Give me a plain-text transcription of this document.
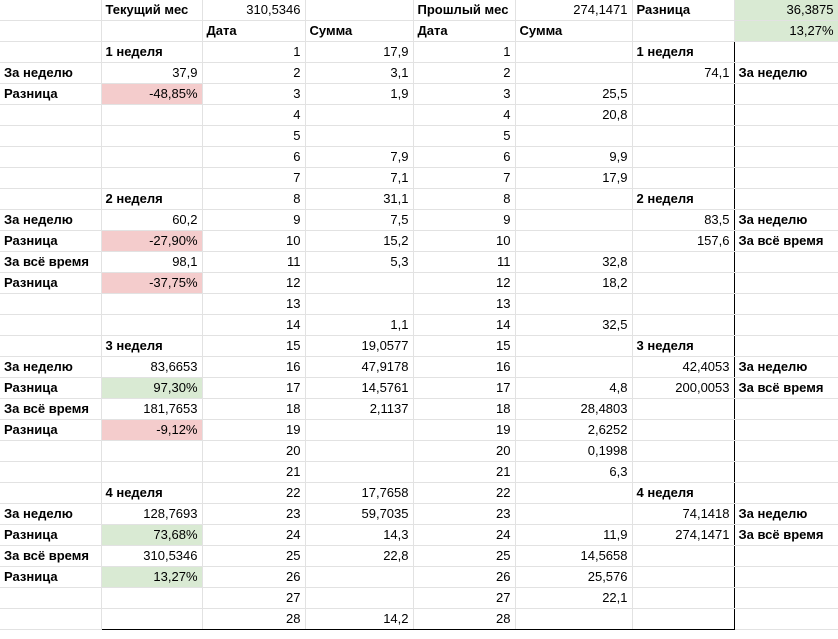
	Текущий мес	310,5346		Прошлый мес	274,1471	Разница	36,3875
		Дата	Сумма	Дата	Сумма		13,27%
	1 неделя	1	17,9	1		1 неделя	
За неделю	37,9	2	3,1	2		74,1	За неделю
Разница	-48,85%	3	1,9	3	25,5		
		4		4	20,8		
		5		5			
		6	7,9	6	9,9		
		7	7,1	7	17,9		
	2 неделя	8	31,1	8		2 неделя	
За неделю	60,2	9	7,5	9		83,5	За неделю
Разница	-27,90%	10	15,2	10		157,6	За всё время
За всё время	98,1	11	5,3	11	32,8		
Разница	-37,75%	12		12	18,2		
		13		13			
		14	1,1	14	32,5		
	3 неделя	15	19,0577	15		3 неделя	
За неделю	83,6653	16	47,9178	16		42,4053	За неделю
Разница	97,30%	17	14,5761	17	4,8	200,0053	За всё время
За всё время	181,7653	18	2,1137	18	28,4803		
Разница	-9,12%	19		19	2,6252		
		20		20	0,1998		
		21		21	6,3		
	4 неделя	22	17,7658	22		4 неделя	
За неделю	128,7693	23	59,7035	23		74,1418	За неделю
Разница	73,68%	24	14,3	24	11,9	274,1471	За всё время
За всё время	310,5346	25	22,8	25	14,5658		
Разница	13,27%	26		26	25,576		
		27		27	22,1		
		28	14,2	28			
